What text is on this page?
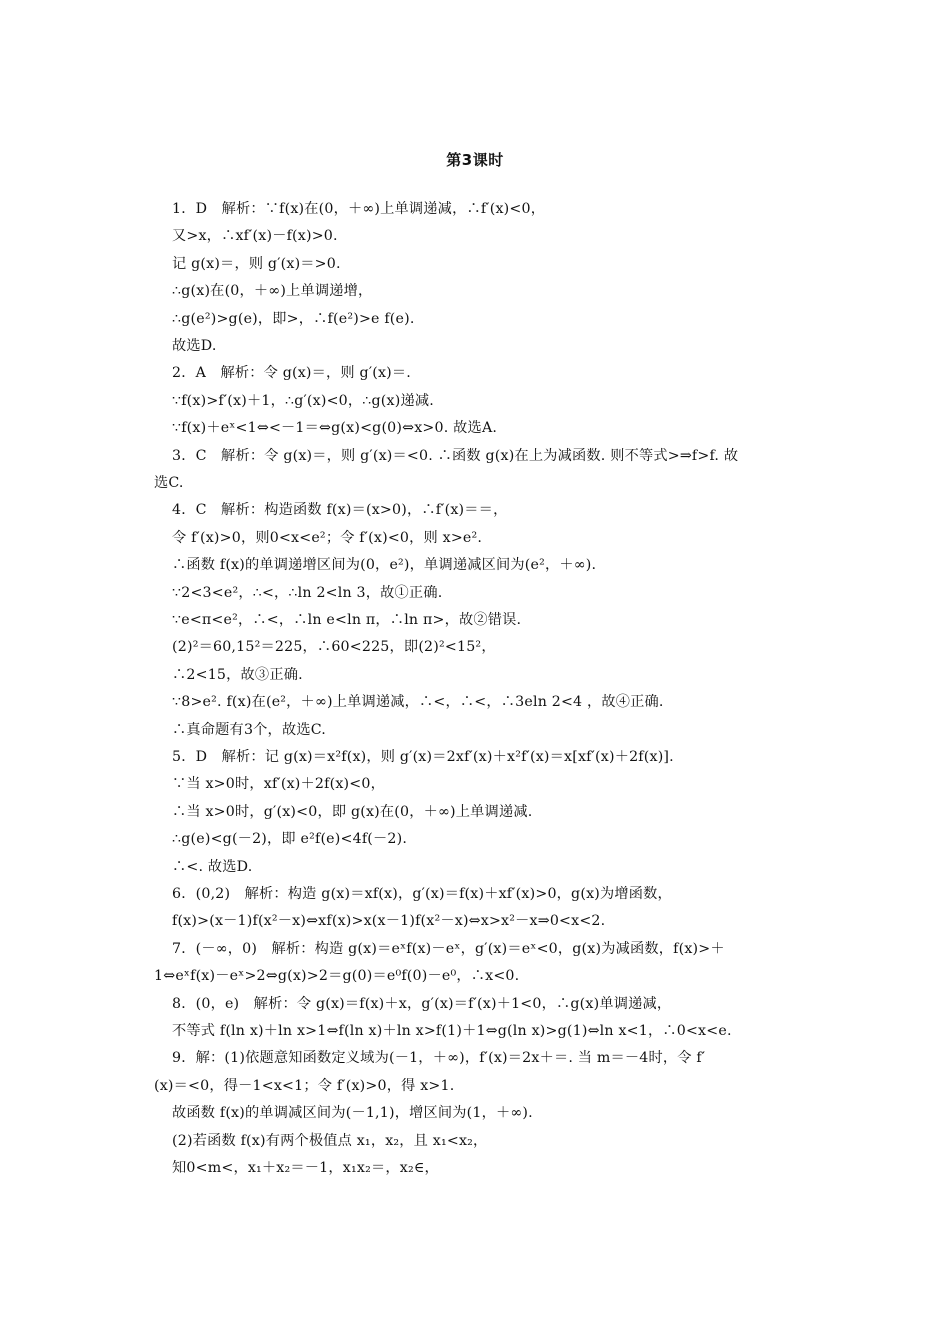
第3课时
1．D　解析：∵f(x)在(0，＋∞)上单调递减，∴f′(x)<0，
又>x，∴xf′(x)－f(x)>0.
记 g(x)＝，则 g′(x)＝>0.
∴g(x)在(0，＋∞)上单调递增，
∴g(e²)>g(e)，即>，∴f(e²)>e f(e).
故选D.
2．A　解析：令 g(x)＝，则 g′(x)＝.
∵f(x)>f′(x)＋1，∴g′(x)<0，∴g(x)递减.
∵f(x)＋eˣ<1⇔<－1＝⇔g(x)<g(0)⇔x>0. 故选A.
3．C　解析：令 g(x)＝，则 g′(x)＝<0. ∴函数 g(x)在上为减函数. 则不等式>⇒f>f. 故
选C.
4．C　解析：构造函数 f(x)＝(x>0)，∴f′(x)＝＝，
令 f′(x)>0，则0<x<e²；令 f′(x)<0，则 x>e².
∴函数 f(x)的单调递增区间为(0，e²)，单调递减区间为(e²，＋∞).
∵2<3<e²，∴<，∴ln 2<ln 3，故①正确.
∵e<π<e²，∴<，∴ln e<ln π，∴ln π>，故②错误.
(2)²＝60,15²＝225，∴60<225，即(2)²<15²，
∴2<15，故③正确.
∵8>e². f(x)在(e²，＋∞)上单调递减，∴<，∴<，∴3eln 2<4 ，故④正确.
∴真命题有3个，故选C.
5．D　解析：记 g(x)＝x²f(x)，则 g′(x)＝2xf′(x)＋x²f′(x)＝x[xf′(x)＋2f(x)].
∵当 x>0时，xf′(x)＋2f(x)<0，
∴当 x>0时，g′(x)<0，即 g(x)在(0，＋∞)上单调递减.
∴g(e)<g(－2)，即 e²f(e)<4f(－2).
∴<. 故选D.
6．(0,2)　解析：构造 g(x)＝xf(x)，g′(x)＝f(x)＋xf′(x)>0，g(x)为增函数，
f(x)>(x－1)f(x²－x)⇔xf(x)>x(x－1)f(x²－x)⇔x>x²－x⇒0<x<2.
7．(－∞，0)　解析：构造 g(x)＝eˣf(x)－eˣ，g′(x)＝eˣ<0，g(x)为减函数，f(x)>＋
1⇔eˣf(x)－eˣ>2⇔g(x)>2＝g(0)＝e⁰f(0)－e⁰，∴x<0.
8．(0，e)　解析：令 g(x)＝f(x)＋x，g′(x)＝f′(x)＋1<0，∴g(x)单调递减，
不等式 f(ln x)＋ln x>1⇔f(ln x)＋ln x>f(1)＋1⇔g(ln x)>g(1)⇔ln x<1，∴0<x<e.
9．解：(1)依题意知函数定义域为(－1，＋∞)，f′(x)＝2x＋＝. 当 m＝－4时，令 f′
(x)＝<0，得－1<x<1；令 f′(x)>0，得 x>1.
故函数 f(x)的单调减区间为(－1,1)，增区间为(1，＋∞).
(2)若函数 f(x)有两个极值点 x₁，x₂，且 x₁<x₂，
知0<m<，x₁＋x₂＝－1，x₁x₂＝，x₂∈，
